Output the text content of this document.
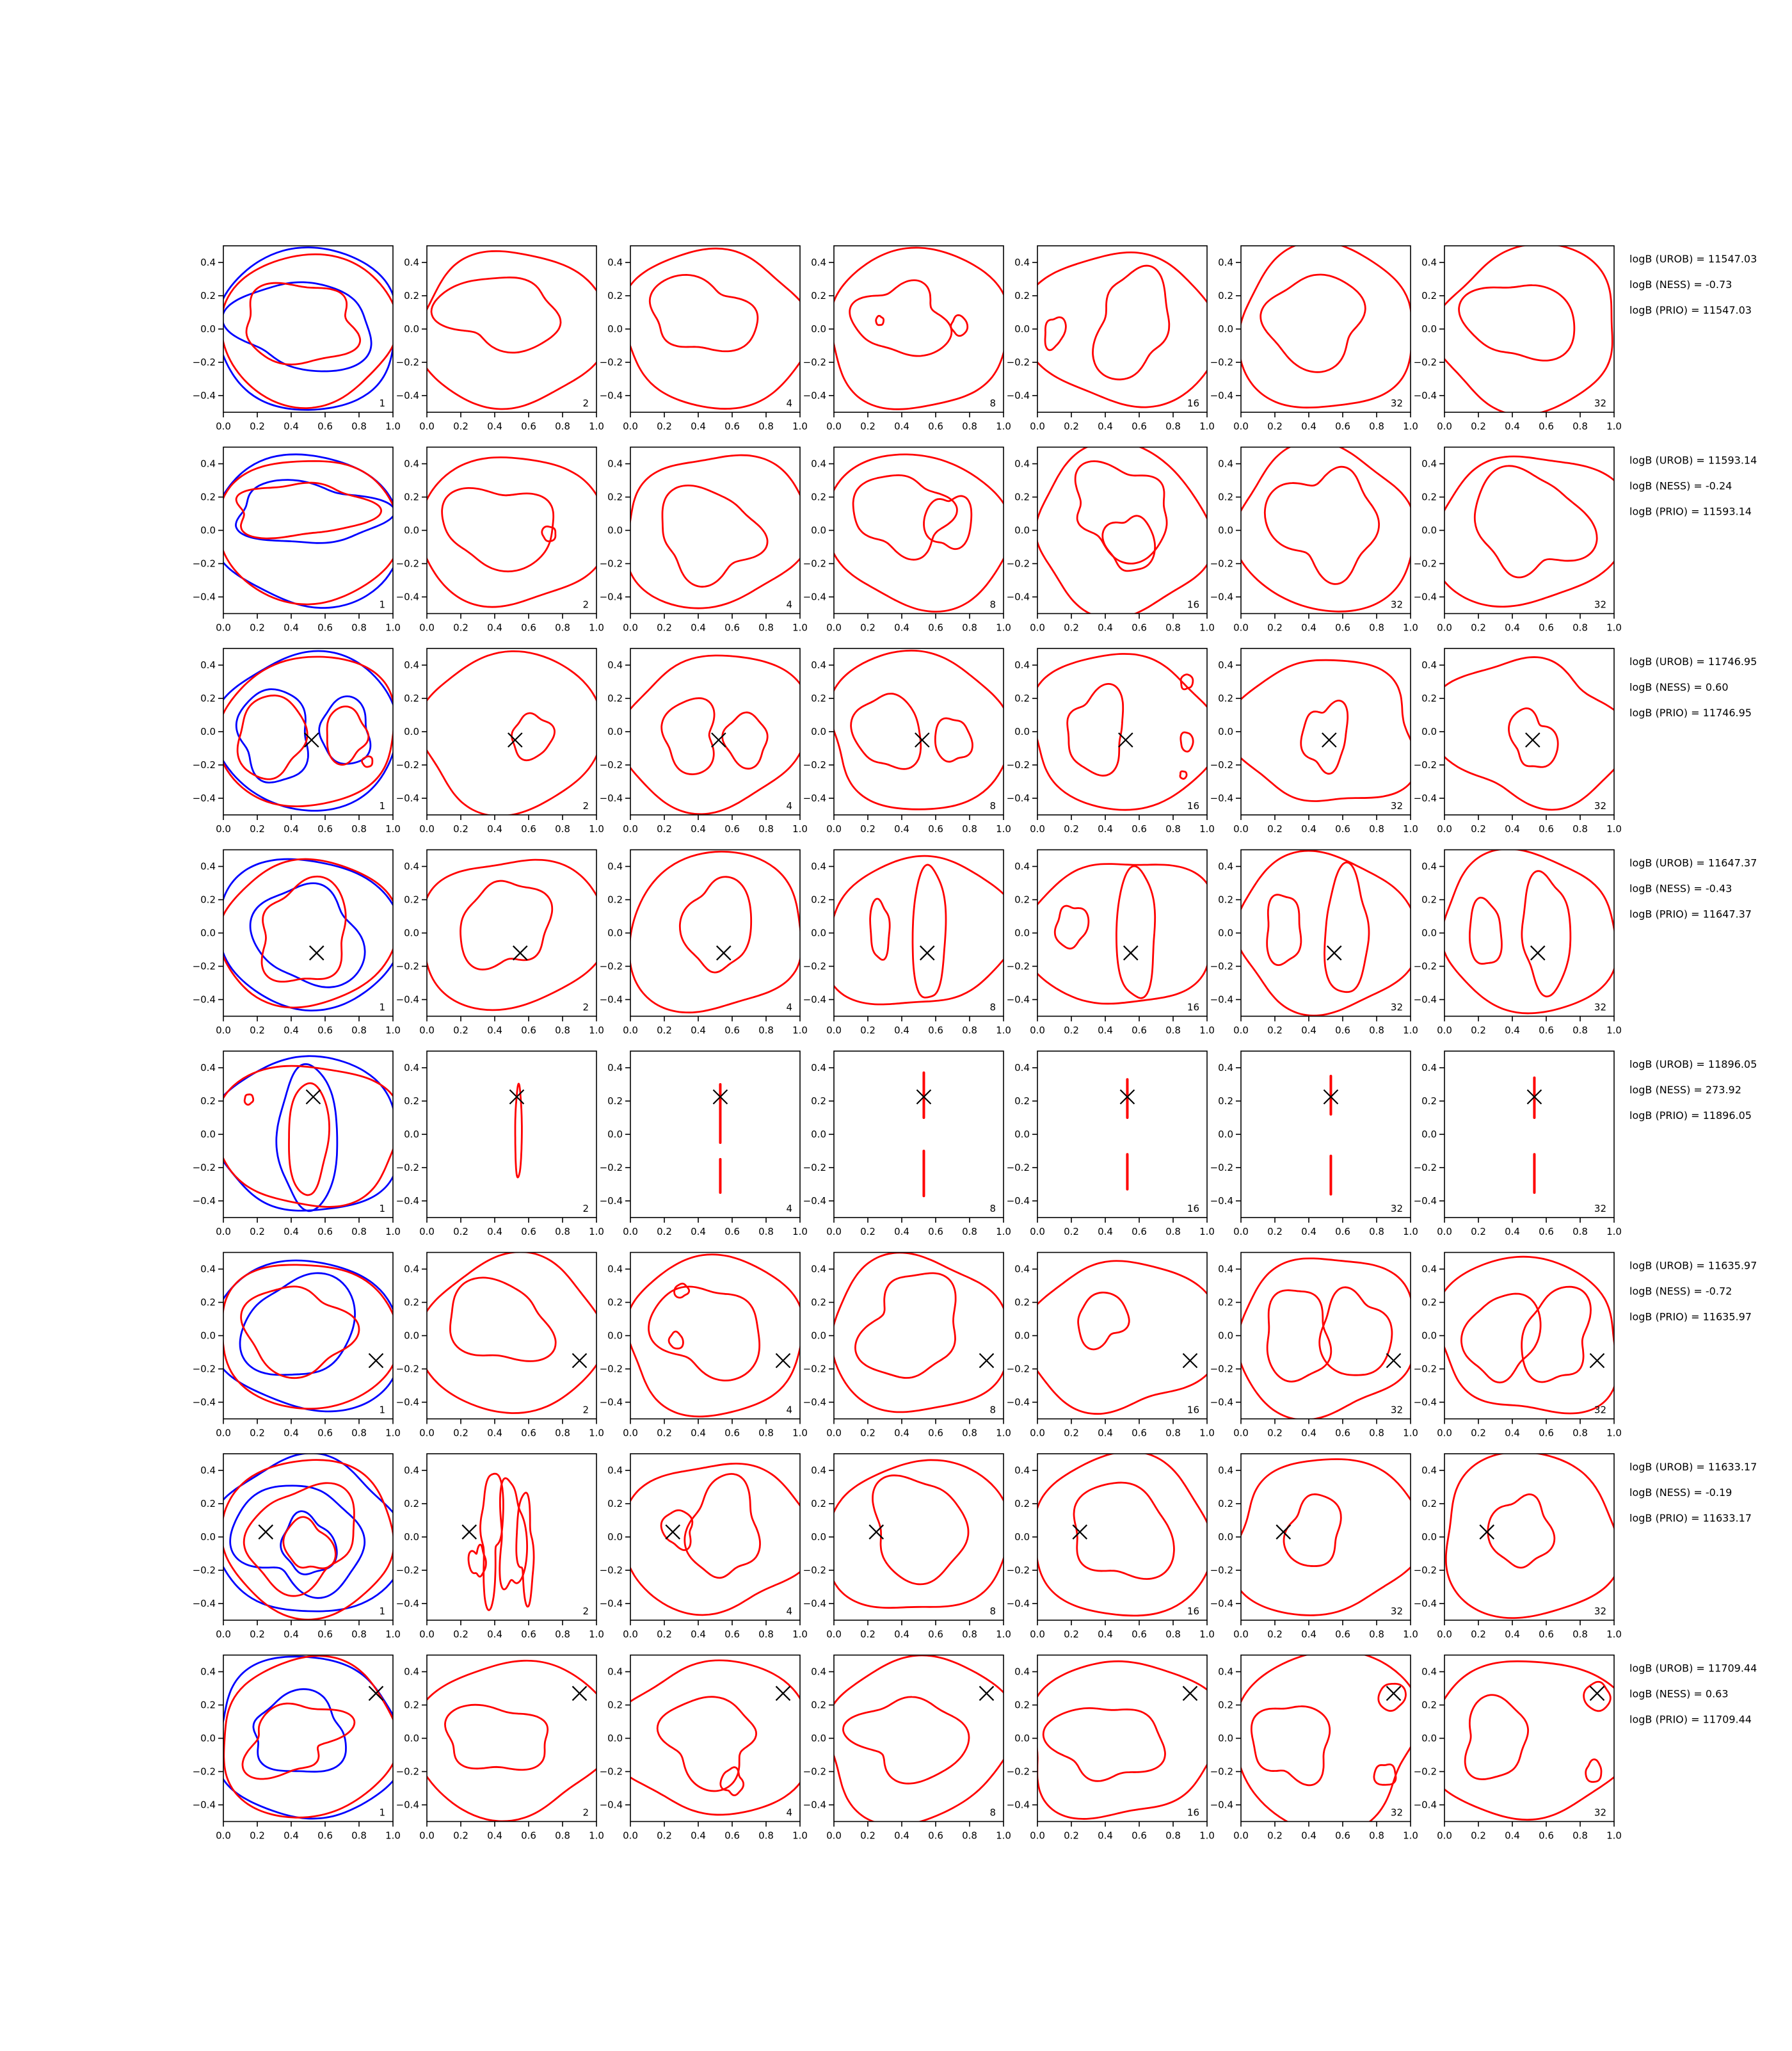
0.0 0.2 0.4 0.6 0.8 1.0
−0.4
−0.2
0.0
0.2
0.4
1
0.0 0.2 0.4 0.6 0.8 1.0
−0.4
−0.2
0.0
0.2
0.4
2
0.0 0.2 0.4 0.6 0.8 1.0
−0.4
−0.2
0.0
0.2
0.4
4
0.0 0.2 0.4 0.6 0.8 1.0
−0.4
−0.2
0.0
0.2
0.4
8
0.0 0.2 0.4 0.6 0.8 1.0
−0.4
−0.2
0.0
0.2
0.4
16
0.0 0.2 0.4 0.6 0.8 1.0
−0.4
−0.2
0.0
0.2
0.4
32
0.0 0.2 0.4 0.6 0.8 1.0
−0.4
−0.2
0.0
0.2
0.4
32
logB (UROB) = 11547.03
logB (NESS) = -0.73
logB (PRIO) = 11547.03
0.0 0.2 0.4 0.6 0.8 1.0
−0.4
−0.2
0.0
0.2
0.4
1
0.0 0.2 0.4 0.6 0.8 1.0
−0.4
−0.2
0.0
0.2
0.4
2
0.0 0.2 0.4 0.6 0.8 1.0
−0.4
−0.2
0.0
0.2
0.4
4
0.0 0.2 0.4 0.6 0.8 1.0
−0.4
−0.2
0.0
0.2
0.4
8
0.0 0.2 0.4 0.6 0.8 1.0
−0.4
−0.2
0.0
0.2
0.4
16
0.0 0.2 0.4 0.6 0.8 1.0
−0.4
−0.2
0.0
0.2
0.4
32
0.0 0.2 0.4 0.6 0.8 1.0
−0.4
−0.2
0.0
0.2
0.4
32
logB (UROB) = 11593.14
logB (NESS) = -0.24
logB (PRIO) = 11593.14
0.0 0.2 0.4 0.6 0.8 1.0
−0.4
−0.2
0.0
0.2
0.4
1
0.0 0.2 0.4 0.6 0.8 1.0
−0.4
−0.2
0.0
0.2
0.4
2
0.0 0.2 0.4 0.6 0.8 1.0
−0.4
−0.2
0.0
0.2
0.4
4
0.0 0.2 0.4 0.6 0.8 1.0
−0.4
−0.2
0.0
0.2
0.4
8
0.0 0.2 0.4 0.6 0.8 1.0
−0.4
−0.2
0.0
0.2
0.4
16
0.0 0.2 0.4 0.6 0.8 1.0
−0.4
−0.2
0.0
0.2
0.4
32
0.0 0.2 0.4 0.6 0.8 1.0
−0.4
−0.2
0.0
0.2
0.4
32
logB (UROB) = 11746.95
logB (NESS) = 0.60
logB (PRIO) = 11746.95
0.0 0.2 0.4 0.6 0.8 1.0
−0.4
−0.2
0.0
0.2
0.4
1
0.0 0.2 0.4 0.6 0.8 1.0
−0.4
−0.2
0.0
0.2
0.4
2
0.0 0.2 0.4 0.6 0.8 1.0
−0.4
−0.2
0.0
0.2
0.4
4
0.0 0.2 0.4 0.6 0.8 1.0
−0.4
−0.2
0.0
0.2
0.4
8
0.0 0.2 0.4 0.6 0.8 1.0
−0.4
−0.2
0.0
0.2
0.4
16
0.0 0.2 0.4 0.6 0.8 1.0
−0.4
−0.2
0.0
0.2
0.4
32
0.0 0.2 0.4 0.6 0.8 1.0
−0.4
−0.2
0.0
0.2
0.4
32
logB (UROB) = 11647.37
logB (NESS) = -0.43
logB (PRIO) = 11647.37
0.0 0.2 0.4 0.6 0.8 1.0
−0.4
−0.2
0.0
0.2
0.4
1
0.0 0.2 0.4 0.6 0.8 1.0
−0.4
−0.2
0.0
0.2
0.4
2
0.0 0.2 0.4 0.6 0.8 1.0
−0.4
−0.2
0.0
0.2
0.4
4
0.0 0.2 0.4 0.6 0.8 1.0
−0.4
−0.2
0.0
0.2
0.4
8
0.0 0.2 0.4 0.6 0.8 1.0
−0.4
−0.2
0.0
0.2
0.4
16
0.0 0.2 0.4 0.6 0.8 1.0
−0.4
−0.2
0.0
0.2
0.4
32
0.0 0.2 0.4 0.6 0.8 1.0
−0.4
−0.2
0.0
0.2
0.4
32
logB (UROB) = 11896.05
logB (NESS) = 273.92
logB (PRIO) = 11896.05
0.0 0.2 0.4 0.6 0.8 1.0
−0.4
−0.2
0.0
0.2
0.4
1
0.0 0.2 0.4 0.6 0.8 1.0
−0.4
−0.2
0.0
0.2
0.4
2
0.0 0.2 0.4 0.6 0.8 1.0
−0.4
−0.2
0.0
0.2
0.4
4
0.0 0.2 0.4 0.6 0.8 1.0
−0.4
−0.2
0.0
0.2
0.4
8
0.0 0.2 0.4 0.6 0.8 1.0
−0.4
−0.2
0.0
0.2
0.4
16
0.0 0.2 0.4 0.6 0.8 1.0
−0.4
−0.2
0.0
0.2
0.4
32
0.0 0.2 0.4 0.6 0.8 1.0
−0.4
−0.2
0.0
0.2
0.4
32
logB (UROB) = 11635.97
logB (NESS) = -0.72
logB (PRIO) = 11635.97
0.0 0.2 0.4 0.6 0.8 1.0
−0.4
−0.2
0.0
0.2
0.4
1
0.0 0.2 0.4 0.6 0.8 1.0
−0.4
−0.2
0.0
0.2
0.4
2
0.0 0.2 0.4 0.6 0.8 1.0
−0.4
−0.2
0.0
0.2
0.4
4
0.0 0.2 0.4 0.6 0.8 1.0
−0.4
−0.2
0.0
0.2
0.4
8
0.0 0.2 0.4 0.6 0.8 1.0
−0.4
−0.2
0.0
0.2
0.4
16
0.0 0.2 0.4 0.6 0.8 1.0
−0.4
−0.2
0.0
0.2
0.4
32
0.0 0.2 0.4 0.6 0.8 1.0
−0.4
−0.2
0.0
0.2
0.4
32
logB (UROB) = 11633.17
logB (NESS) = -0.19
logB (PRIO) = 11633.17
0.0 0.2 0.4 0.6 0.8 1.0
−0.4
−0.2
0.0
0.2
0.4
1
0.0 0.2 0.4 0.6 0.8 1.0
−0.4
−0.2
0.0
0.2
0.4
2
0.0 0.2 0.4 0.6 0.8 1.0
−0.4
−0.2
0.0
0.2
0.4
4
0.0 0.2 0.4 0.6 0.8 1.0
−0.4
−0.2
0.0
0.2
0.4
8
0.0 0.2 0.4 0.6 0.8 1.0
−0.4
−0.2
0.0
0.2
0.4
16
0.0 0.2 0.4 0.6 0.8 1.0
−0.4
−0.2
0.0
0.2
0.4
32
0.0 0.2 0.4 0.6 0.8 1.0
−0.4
−0.2
0.0
0.2
0.4
32
logB (UROB) = 11709.44
logB (NESS) = 0.63
logB (PRIO) = 11709.44
